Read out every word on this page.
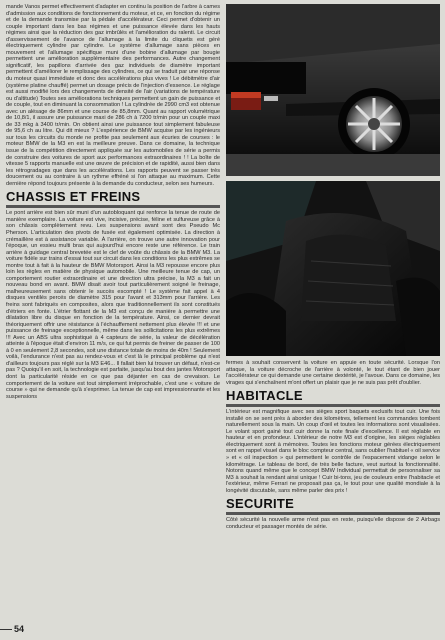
mande Vanos permet effectivement d'adapter en continu la position de l'arbre à cames d'admission aux conditions de fonctionnement du moteur, et ce, en fonction du régime et de la demande transmise par la pédale d'accélérateur. Ceci permet d'obtenir un couple important dans les bas régimes et une puissance élevée dans les hauts régimes ainsi que la réduction des gaz imbrûlés et l'amélioration du ralenti. Le circuit d'asservissement de l'avance de l'allumage à la limite du cliquetis est géré électriquement cylindre par cylindre. Le système d'allumage sans pièces en mouvement et l'allumage spécifique muni d'une bobine d'allumage par bougie permettent une amélioration supplémentaire des performances. Autre changement significatif, les papillons d'arrivée des gaz individuels de diamètre important permettent d'améliorer le remplissage des cylindres, ce qui se traduit par une réponse du moteur quasi immédiate et donc des accélérations plus vives ! Le débitmètre d'air (système platine chauffé) permet un dosage précis de l'injection d'essence. Le réglage est aussi modifié lors des changements de densité de l'air (variations de température ou d'altitude) Toutes ses améliorations techniques permettent un gain de puissance et de couple, tout en diminuant la consommation ! La cylindrée de 2990 cm3 est obtenue avec un alésage de 86mm et une course de 85,8mm. Quant au rapport volumétrique de 10,8/1, il assure une puissance maxi de 286 ch à 7200 tr/min pour un couple maxi de 33 mkg à 3400 tr/min. On obtient ainsi une puissance tout simplement fabuleuse de 95,6 ch au litre. Qui dit mieux ? L'expérience de BMW acquise par les ingénieurs sur tous les circuits du monde ne profite pas seulement aux écuries de courses : le moteur BMW de la M3 en est la meilleure preuve. Dans ce domaine, la technique issue de la compétition directement appliquée sur les automobiles de série a permis de construire des voitures de sport aux performances extraordinaires ! ! La boîte de vitesse 5 rapports manuelle est une œuvre de précision et de rapidité, aussi bien dans les rétrogradages que dans les accélérations. Les rapports peuvent se passer très doucement ou au contraire à un rythme effréné si l'on attaque au maximum. Cette dernière répond toujours présente à la demande du conducteur, selon ses humeurs.

CHASSIS ET FREINS

Le pont arrière est bien sûr muni d'un autobloquant qui renforce la tenue de route de manière exemplaire. La voiture est vive, incisive, précise, féline et sulfureuse grâce à son châssis complètement revu. Les suspensions avant sont des Pseudo Mc Pherson. L'articulation des pivots de fusée est également optimisée. La direction à crémaillère est à assistance variable. À l'arrière, on trouve une autre innovation pour l'époque, un essieu multi bras qui aujourd'hui encore reste une référence. Le train arrière à guidage central brevetée est le clef de voûte du châssis de la BMW M3. La voiture fidèle sur trains d'essai tout sur circuit dans les conditions les plus extrêmes se montre tout à fait à la hauteur de BMW Motorsport. Ainsi la M3 repousse encore plus loin les règles en matière de physique automobile. Une meilleure tenue de cap, un comportement routier extraordinaire et une direction ultra précise, la M3 a fait un nouveau bond en avant. BMW disait avoir tout particulièrement soigné le freinage, malheureusement sans obtenir le succès escompté ! Le système fait appel à 4 disques ventilés percés de diamètre 315 pour l'avant et 313mm pour l'arrière. Les freins sont fabriqués en composites, alors que traditionnellement ils sont constitués d'étriers en fonte. L'étrier flottant de la M3 est conçu de manière à permettre une dilatation libre du disque en fonction de la température. Ainsi, ce dernier devrait théoriquement offrir une résistance à l'échauffement nettement plus élevée !!! et une puissance de freinage exceptionnelle, même dans les sollicitations les plus extrêmes !!! Avec un ABS ultra sophistiqué à 4 capteurs de série, la valeur de décélération atteinte à l'époque était d'environ 11 m/s, ce qui fut permis de freiner de passer de 100 à 0 en seulement 2,8 secondes, soit une distance totale de moins de 40m ! Seulement voilà, l'endurance n'est pas au rendez-vous et c'est là le principal problème qui n'est d'ailleurs toujours pas réglé sur la M3 E46... Il fallait bien lui trouver un défaut, n'est-ce pas ? Quoiqu'il en soit, la technologie est parfaite, jusqu'au bout des jantes Motorsport dont la particularité réside en ce que pas déjanter en cas de crevaison. Le comportement de la voiture est tout simplement irréprochable, c'est une « voiture de course » qui ne demande qu'à s'exprimer. La tenue de cap est impressionnante et les suspensions

fermes à souhait conservent la voiture en appuie en toute sécurité. Lorsque l'on attaque, la voiture décroche de l'arrière à volonté, le tout étant de bien jouer l'accélérateur ce qui demande une certaine dextérité, je l'avoue. Dans ce domaine, les virages qui s'enchaînent m'ont offert un plaisir que je ne suis pas prêt d'oublier.

HABITACLE

L'intérieur est magnifique avec ses sièges sport baquets exclusifs tout cuir. Une fois installé on se sent près à aborder des kilomètres, tellement les commandes tombent naturellement sous la main. Un coup d'œil et toutes les informations sont visualisées. Le volant sport gainé tout cuir donne la note finale d'excellence. Il est réglable en hauteur et en profondeur. L'intérieur de notre M3 est d'origine, les sièges réglables électriquement sont à mémoires. Toutes les fonctions moteur gérées électriquement sont en rappel visuel dans le bloc compteur central, sans oublier l'habituel « oil service » et « oil inspection » qui permettent le contrôle de l'espacement vidange selon le kilométrage. Le tableau de bord, de très belle facture, veut surtout la fonctionnalité. Notons quand même que le concept BMW Individual permettait de personnaliser sa M3 à souhait la rendant ainsi unique ! Cuir bi-tons, jeu de couleurs entre l'habitacle et l'extérieur, même Ferrari ne proposait pas ça, le tout pour une qualité mondiale à la longévité discutable, sans même parler des prix !

SECURITE

Côté sécurité la nouvelle arme n'est pas en reste, puisqu'elle dispose de 2 Airbags conducteur et passager montés de série.

54
